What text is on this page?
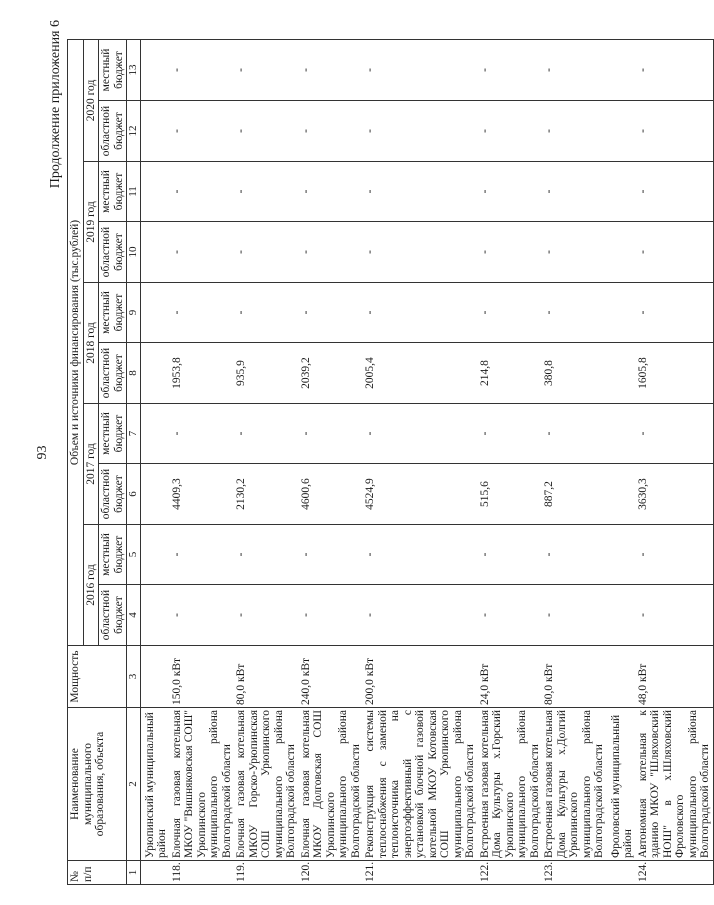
93
Продолжение приложения 6
№ п/п	Наименование муниципального образования, объекта	Мощность	Объем и источники финансирования (тыс.рублей)									
			2016 год		2017 год		2018 год		2019 год		2020 год	
			областной бюджет	местный бюджет	областной бюджет	местный бюджет	областной бюджет	местный бюджет	областной бюджет	местный бюджет	областной бюджет	местный бюджет
1	2	3	4	5	6	7	8	9	10	11	12	13
	Урюпинский муниципальный район											
118.	Блочная газовая котельная МКОУ "Вишняковская СОШ" Урюпинского муниципального района Волгоградской области	150,0 кВт	-	-	4409,3	-	1953,8	-	-	-	-	-
119.	Блочная газовая котельная МКОУ Горско-Урюпинская СОШ Урюпинского муниципального района Волгоградской области	80,0 кВт	-	-	2130,2	-	935,9	-	-	-	-	-
120.	Блочная газовая котельная МКОУ Долговская СОШ Урюпинского муниципального района Волгоградской области	240,0 кВт	-	-	4600,6	-	2039,2	-	-	-	-	-
121.	Реконструкция системы теплоснабжения с заменой теплоисточника на энергоэффективный с установкой блочной газовой котельной МКОУ Котовская СОШ Урюпинского муниципального района Волгоградской области	200,0 кВт	-	-	4524,9	-	2005,4	-	-	-	-	-
122.	Встроенная газовая котельная Дома Культуры х.Горский Урюпинского муниципального района Волгоградской области	24,0 кВт	-	-	515,6	-	214,8	-	-	-	-	-
123.	Встроенная газовая котельная Дома Культуры х.Долгий Урюпинского муниципального района Волгоградской области	80,0 кВт	-	-	887,2	-	380,8	-	-	-	-	-
	Фроловский муниципальный район											
124.	Автономная котельная к зданию МКОУ "Шляховский НОШ" в х.Шляховский Фроловского муниципального района Волгоградской области	48,0 кВт	-	-	3630,3	-	1605,8	-	-	-	-	-
